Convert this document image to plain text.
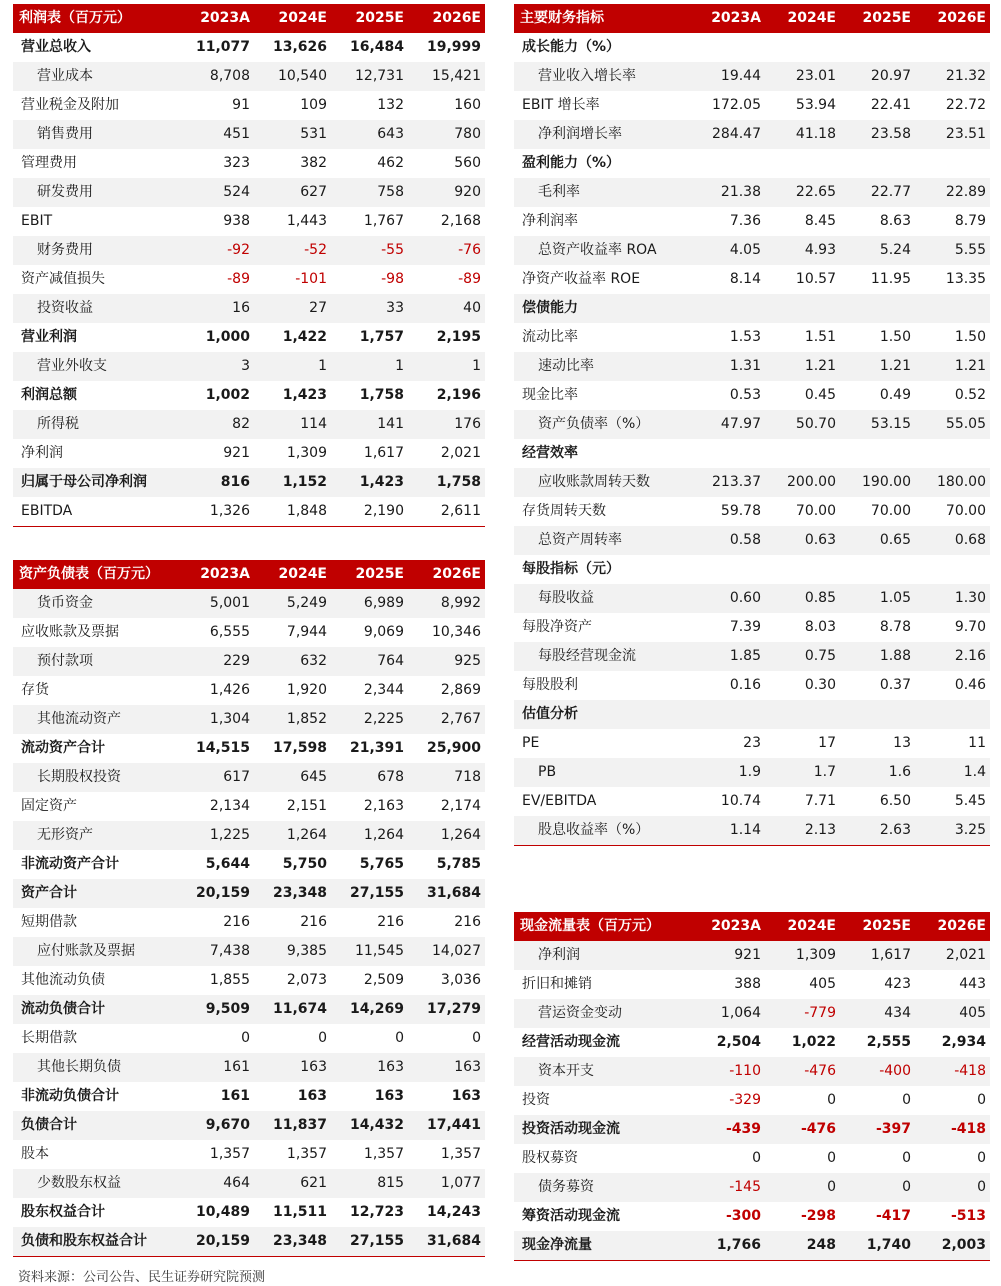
利润表（百万元）	2023A	2024E	2025E	2026E
营业总收入	11,077	13,626	16,484	19,999
营业成本	8,708	10,540	12,731	15,421
营业税金及附加	91	109	132	160
销售费用	451	531	643	780
管理费用	323	382	462	560
研发费用	524	627	758	920
EBIT	938	1,443	1,767	2,168
财务费用	-92	-52	-55	-76
资产减值损失	-89	-101	-98	-89
投资收益	16	27	33	40
营业利润	1,000	1,422	1,757	2,195
营业外收支	3	1	1	1
利润总额	1,002	1,423	1,758	2,196
所得税	82	114	141	176
净利润	921	1,309	1,617	2,021
归属于母公司净利润	816	1,152	1,423	1,758
EBITDA	1,326	1,848	2,190	2,611
资产负债表（百万元）	2023A	2024E	2025E	2026E
货币资金	5,001	5,249	6,989	8,992
应收账款及票据	6,555	7,944	9,069	10,346
预付款项	229	632	764	925
存货	1,426	1,920	2,344	2,869
其他流动资产	1,304	1,852	2,225	2,767
流动资产合计	14,515	17,598	21,391	25,900
长期股权投资	617	645	678	718
固定资产	2,134	2,151	2,163	2,174
无形资产	1,225	1,264	1,264	1,264
非流动资产合计	5,644	5,750	5,765	5,785
资产合计	20,159	23,348	27,155	31,684
短期借款	216	216	216	216
应付账款及票据	7,438	9,385	11,545	14,027
其他流动负债	1,855	2,073	2,509	3,036
流动负债合计	9,509	11,674	14,269	17,279
长期借款	0	0	0	0
其他长期负债	161	163	163	163
非流动负债合计	161	163	163	163
负债合计	9,670	11,837	14,432	17,441
股本	1,357	1,357	1,357	1,357
少数股东权益	464	621	815	1,077
股东权益合计	10,489	11,511	12,723	14,243
负债和股东权益合计	20,159	23,348	27,155	31,684
主要财务指标	2023A	2024E	2025E	2026E
成长能力（%）				
营业收入增长率	19.44	23.01	20.97	21.32
EBIT 增长率	172.05	53.94	22.41	22.72
净利润增长率	284.47	41.18	23.58	23.51
盈利能力（%）				
毛利率	21.38	22.65	22.77	22.89
净利润率	7.36	8.45	8.63	8.79
总资产收益率 ROA	4.05	4.93	5.24	5.55
净资产收益率 ROE	8.14	10.57	11.95	13.35
偿债能力				
流动比率	1.53	1.51	1.50	1.50
速动比率	1.31	1.21	1.21	1.21
现金比率	0.53	0.45	0.49	0.52
资产负债率（%）	47.97	50.70	53.15	55.05
经营效率				
应收账款周转天数	213.37	200.00	190.00	180.00
存货周转天数	59.78	70.00	70.00	70.00
总资产周转率	0.58	0.63	0.65	0.68
每股指标（元）				
每股收益	0.60	0.85	1.05	1.30
每股净资产	7.39	8.03	8.78	9.70
每股经营现金流	1.85	0.75	1.88	2.16
每股股利	0.16	0.30	0.37	0.46
估值分析				
PE	23	17	13	11
PB	1.9	1.7	1.6	1.4
EV/EBITDA	10.74	7.71	6.50	5.45
股息收益率（%）	1.14	2.13	2.63	3.25
现金流量表（百万元）	2023A	2024E	2025E	2026E
净利润	921	1,309	1,617	2,021
折旧和摊销	388	405	423	443
营运资金变动	1,064	-779	434	405
经营活动现金流	2,504	1,022	2,555	2,934
资本开支	-110	-476	-400	-418
投资	-329	0	0	0
投资活动现金流	-439	-476	-397	-418
股权募资	0	0	0	0
债务募资	-145	0	0	0
筹资活动现金流	-300	-298	-417	-513
现金净流量	1,766	248	1,740	2,003
资料来源：公司公告、民生证券研究院预测
